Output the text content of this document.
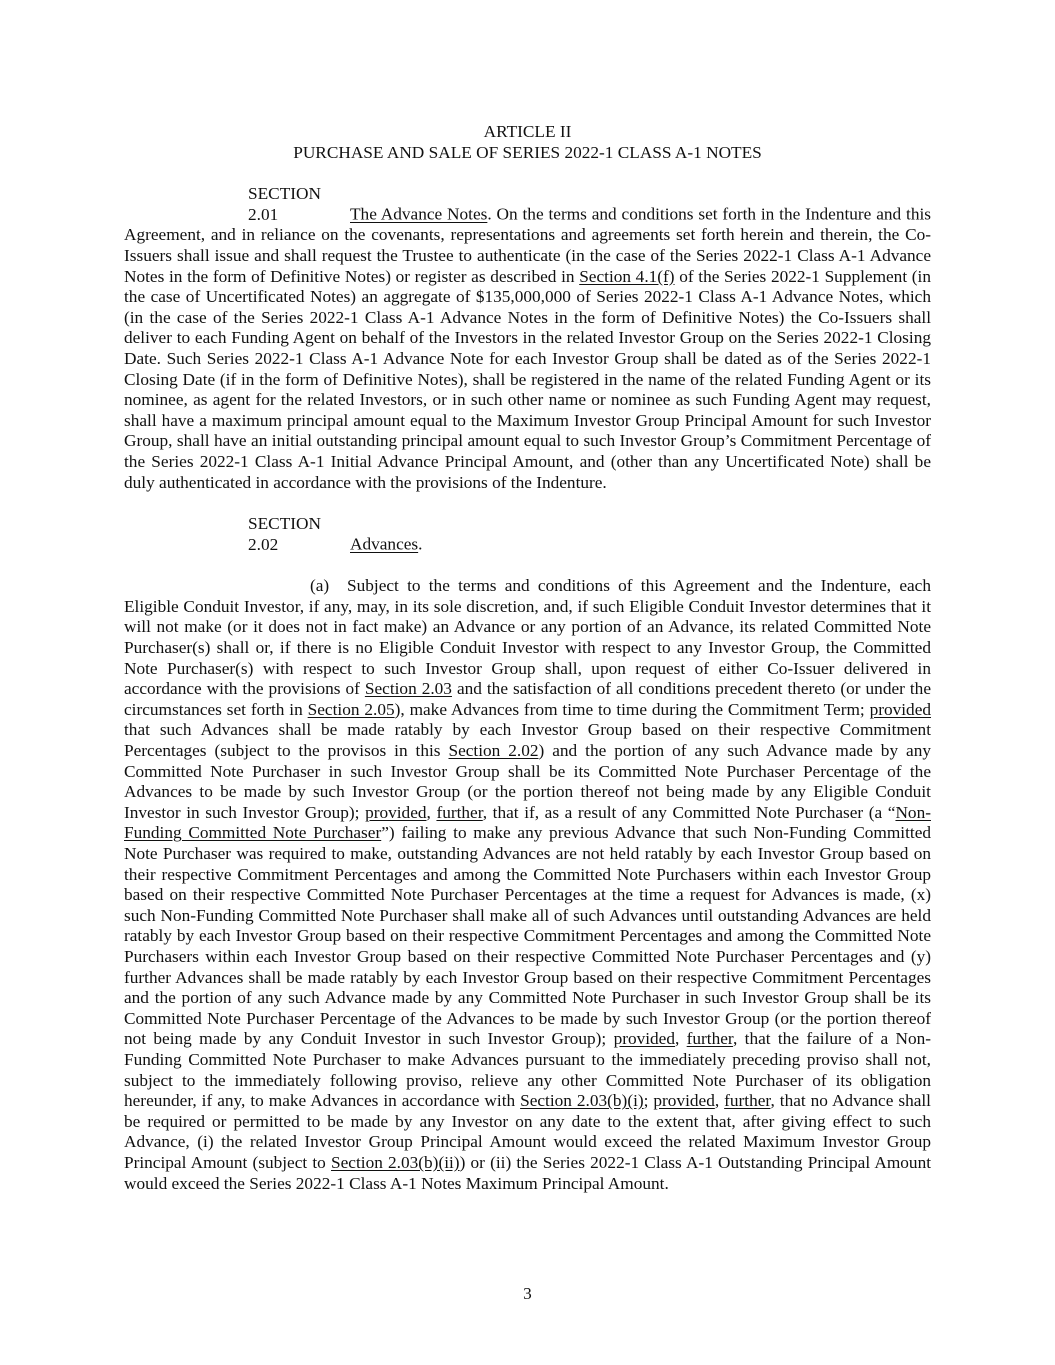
ARTICLE II

PURCHASE AND SALE OF SERIES 2022-1 CLASS A-1 NOTES

SECTION 2.01	The Advance Notes. On the terms and conditions set forth in the Indenture and this Agreement, and in reliance on the covenants, representations and agreements set forth herein and therein, the Co-Issuers shall issue and shall request the Trustee to authenticate (in the case of the Series 2022-1 Class A-1 Advance Notes in the form of Definitive Notes) or register as described in Section 4.1(f) of the Series 2022-1 Supplement (in the case of Uncertificated Notes) an aggregate of $135,000,000 of Series 2022-1 Class A-1 Advance Notes, which (in the case of the Series 2022-1 Class A-1 Advance Notes in the form of Definitive Notes) the Co-Issuers shall deliver to each Funding Agent on behalf of the Investors in the related Investor Group on the Series 2022-1 Closing Date. Such Series 2022-1 Class A-1 Advance Note for each Investor Group shall be dated as of the Series 2022-1 Closing Date (if in the form of Definitive Notes), shall be registered in the name of the related Funding Agent or its nominee, as agent for the related Investors, or in such other name or nominee as such Funding Agent may request, shall have a maximum principal amount equal to the Maximum Investor Group Principal Amount for such Investor Group, shall have an initial outstanding principal amount equal to such Investor Group’s Commitment Percentage of the Series 2022-1 Class A-1 Initial Advance Principal Amount, and (other than any Uncertificated Note) shall be duly authenticated in accordance with the provisions of the Indenture.

SECTION 2.02	Advances.

(a) Subject to the terms and conditions of this Agreement and the Indenture, each Eligible Conduit Investor, if any, may, in its sole discretion, and, if such Eligible Conduit Investor determines that it will not make (or it does not in fact make) an Advance or any portion of an Advance, its related Committed Note Purchaser(s) shall or, if there is no Eligible Conduit Investor with respect to any Investor Group, the Committed Note Purchaser(s) with respect to such Investor Group shall, upon request of either Co-Issuer delivered in accordance with the provisions of Section 2.03 and the satisfaction of all conditions precedent thereto (or under the circumstances set forth in Section 2.05), make Advances from time to time during the Commitment Term; provided that such Advances shall be made ratably by each Investor Group based on their respective Commitment Percentages (subject to the provisos in this Section 2.02) and the portion of any such Advance made by any Committed Note Purchaser in such Investor Group shall be its Committed Note Purchaser Percentage of the Advances to be made by such Investor Group (or the portion thereof not being made by any Eligible Conduit Investor in such Investor Group); provided, further, that if, as a result of any Committed Note Purchaser (a “Non-Funding Committed Note Purchaser”) failing to make any previous Advance that such Non-Funding Committed Note Purchaser was required to make, outstanding Advances are not held ratably by each Investor Group based on their respective Commitment Percentages and among the Committed Note Purchasers within each Investor Group based on their respective Committed Note Purchaser Percentages at the time a request for Advances is made, (x) such Non-Funding Committed Note Purchaser shall make all of such Advances until outstanding Advances are held ratably by each Investor Group based on their respective Commitment Percentages and among the Committed Note Purchasers within each Investor Group based on their respective Committed Note Purchaser Percentages and (y) further Advances shall be made ratably by each Investor Group based on their respective Commitment Percentages and the portion of any such Advance made by any Committed Note Purchaser in such Investor Group shall be its Committed Note Purchaser Percentage of the Advances to be made by such Investor Group (or the portion thereof not being made by any Conduit Investor in such Investor Group); provided, further, that the failure of a Non-Funding Committed Note Purchaser to make Advances pursuant to the immediately preceding proviso shall not, subject to the immediately following proviso, relieve any other Committed Note Purchaser of its obligation hereunder, if any, to make Advances in accordance with Section 2.03(b)(i); provided, further, that no Advance shall be required or permitted to be made by any Investor on any date to the extent that, after giving effect to such Advance, (i) the related Investor Group Principal Amount would exceed the related Maximum Investor Group Principal Amount (subject to Section 2.03(b)(ii)) or (ii) the Series 2022-1 Class A-1 Outstanding Principal Amount would exceed the Series 2022-1 Class A-1 Notes Maximum Principal Amount.

3
